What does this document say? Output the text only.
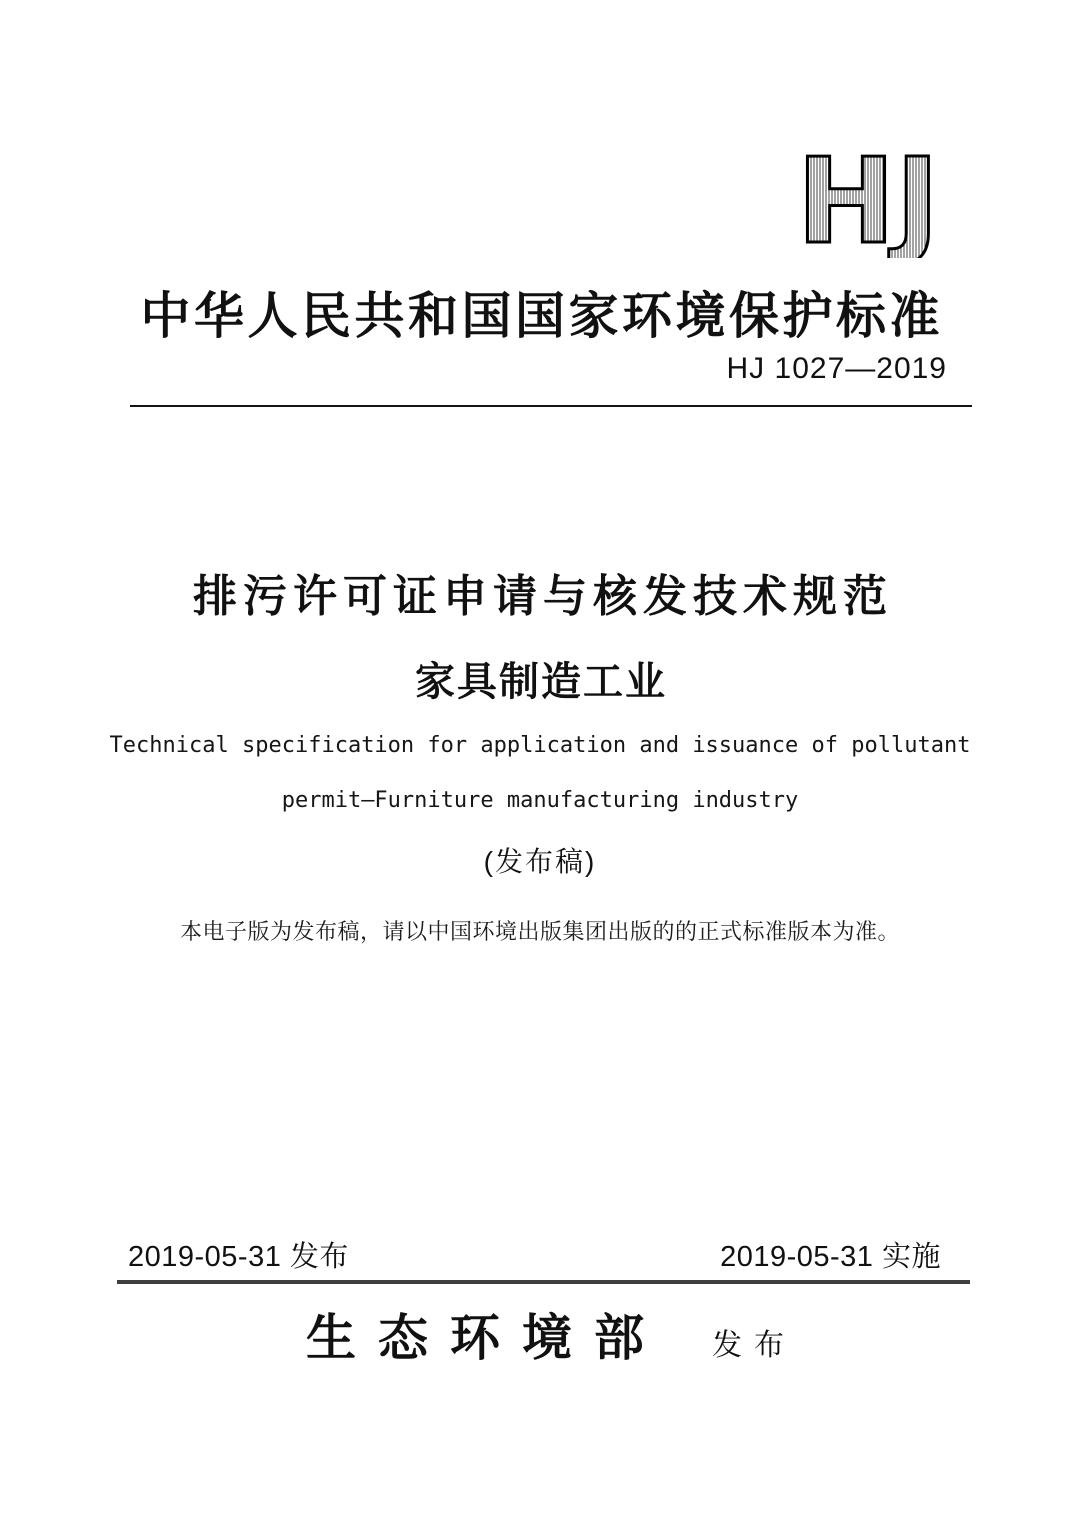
HJ
中华人民共和国国家环境保护标准
HJ 1027—2019
排污许可证申请与核发技术规范
家具制造工业
Technical specification for application and issuance of pollutant
permit—Furniture manufacturing industry
(发布稿)
本电子版为发布稿，请以中国环境出版集团出版的的正式标准版本为准。
2019-05-31 发布	2019-05-31 实施
生态环境部 发布
